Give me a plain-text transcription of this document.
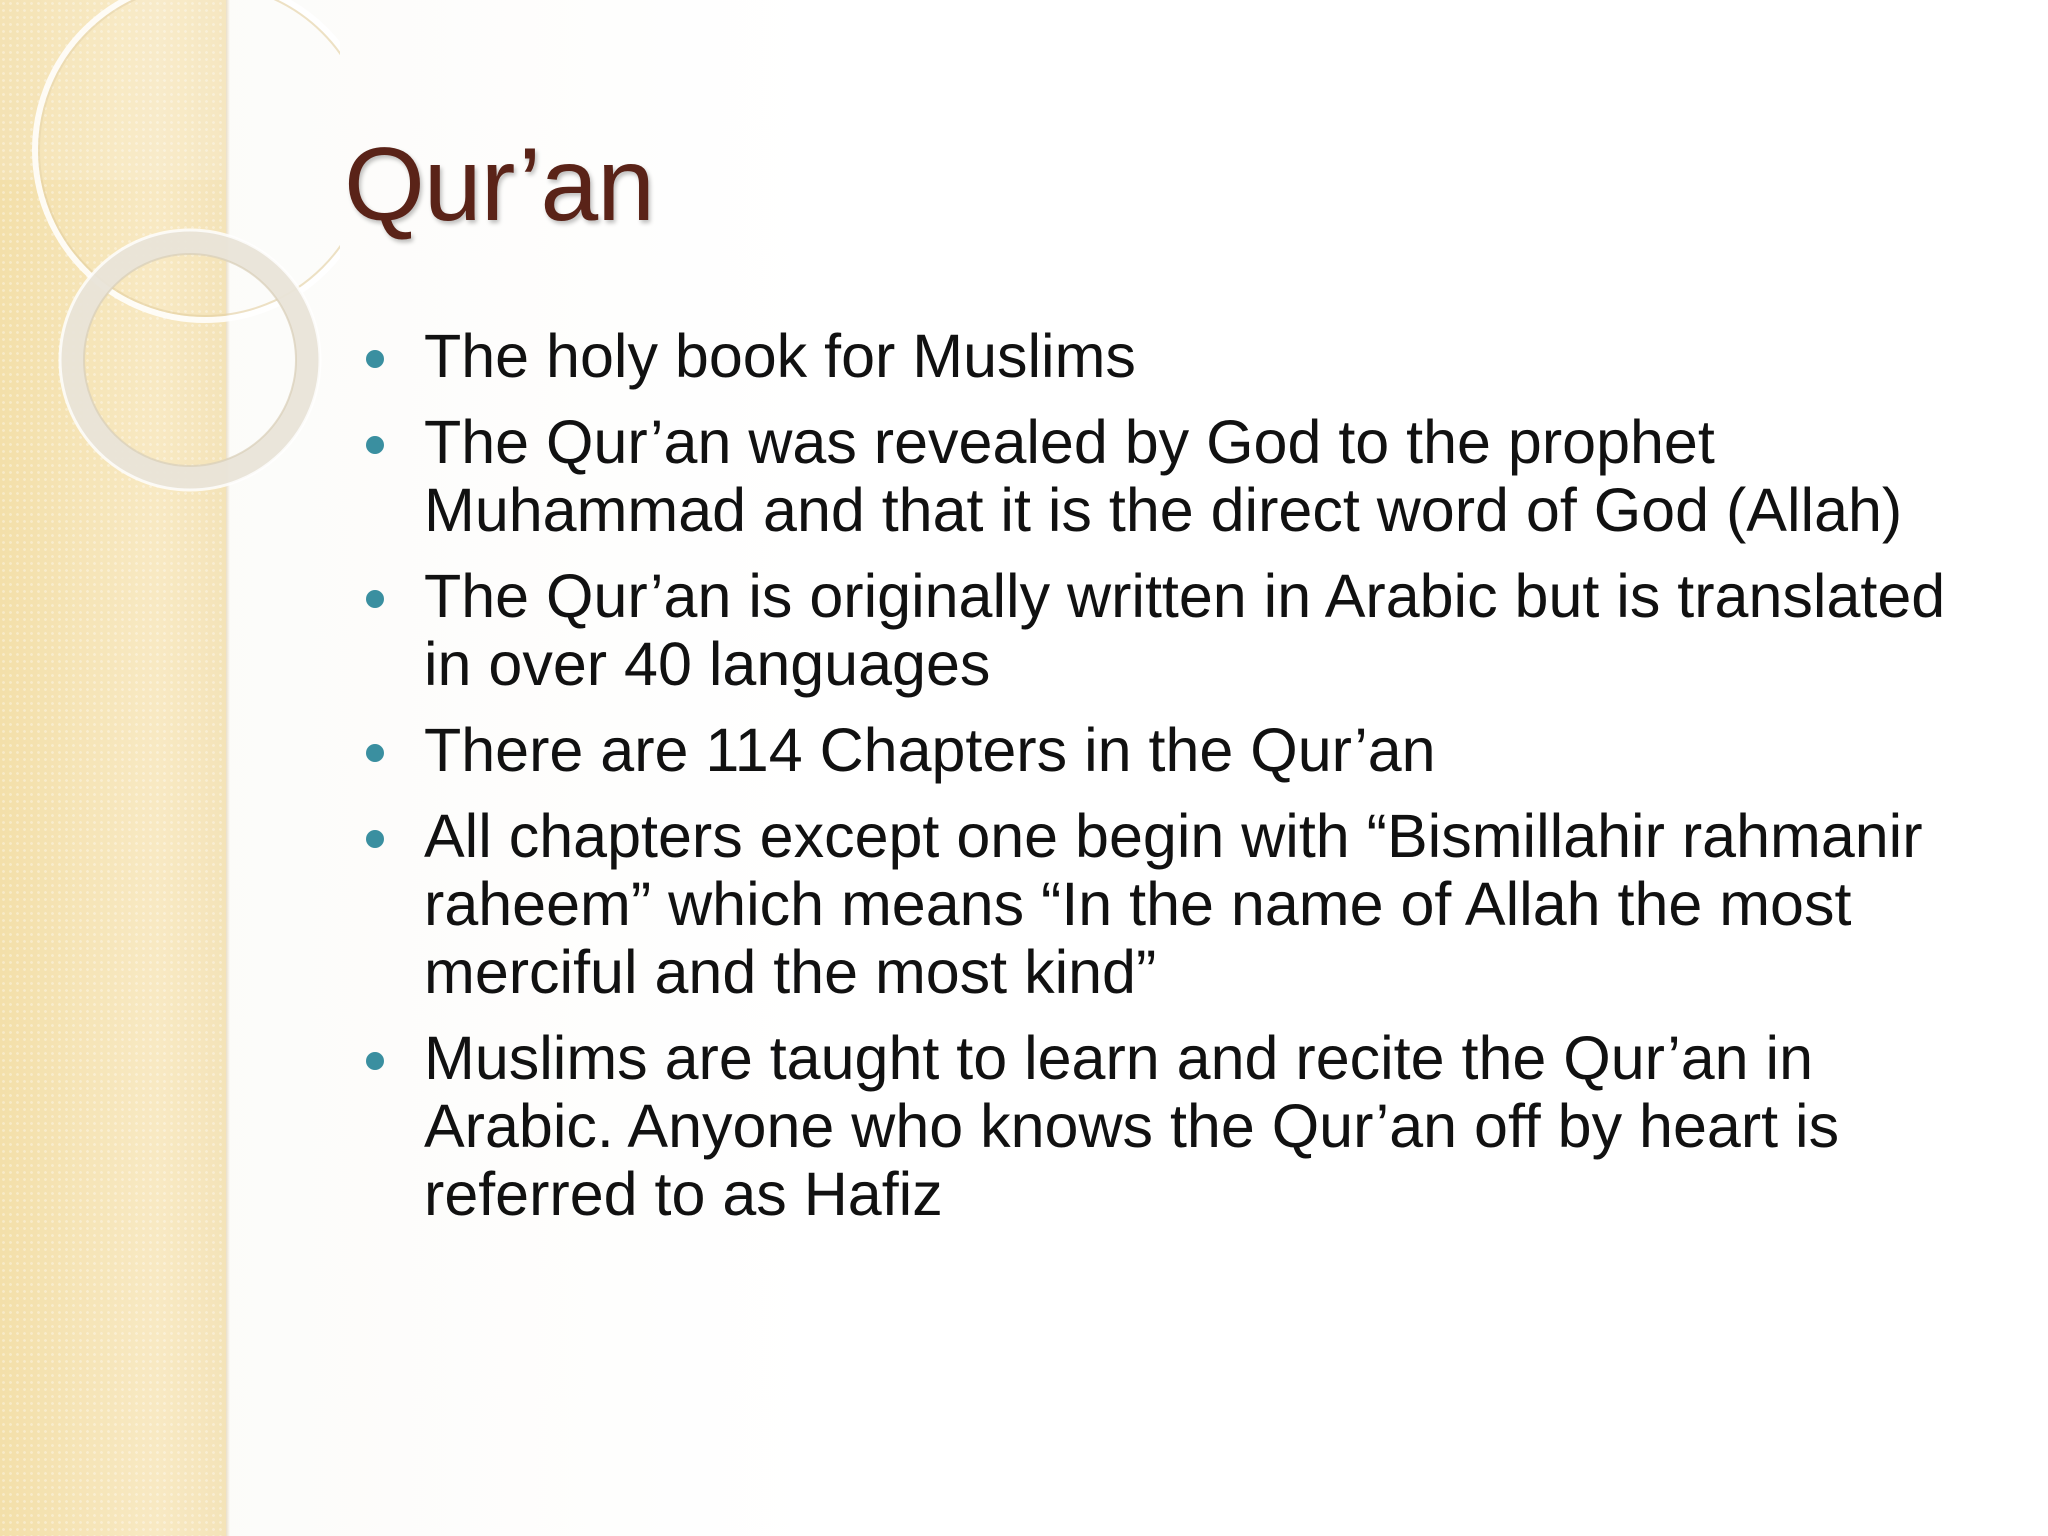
Qur’an
The holy book for Muslims
The Qur’an was revealed by God to the prophet Muhammad and that it is the direct word of God (Allah)
The Qur’an is originally written in Arabic but is translated in over 40 languages
There are 114 Chapters in the Qur’an
All chapters except one begin with “Bismillahir rahmanir raheem” which means “In the name of Allah the most merciful and the most kind”
Muslims are taught to learn and recite the Qur’an in Arabic. Anyone who knows the Qur’an off by heart is referred to as Hafiz
